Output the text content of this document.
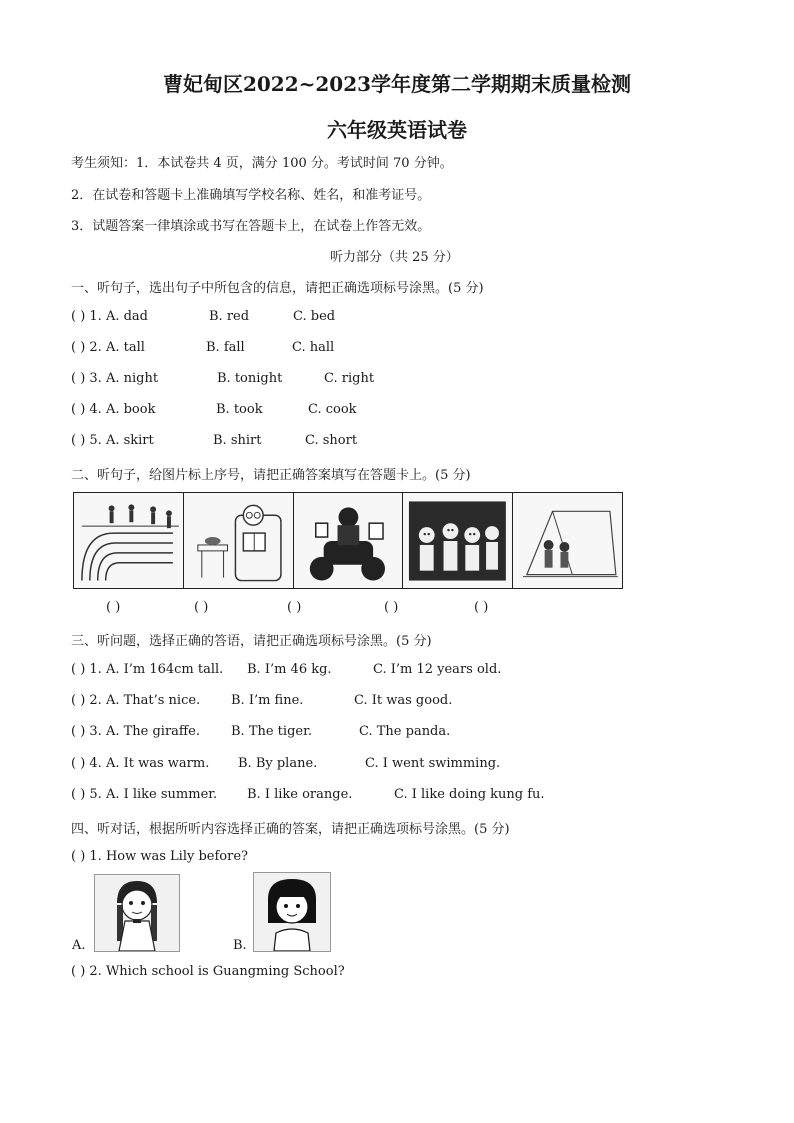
曹妃甸区2022~2023学年度第二学期期末质量检测
六年级英语试卷
考生须知：1．本试卷共 4 页，满分 100 分。考试时间 70 分钟。
2．在试卷和答题卡上准确填写学校名称、姓名，和准考证号。
3．试题答案一律填涂或书写在答题卡上，在试卷上作答无效。
听力部分（共 25 分）
一、听句子，选出句子中所包含的信息，请把正确选项标号涂黑。(5 分)
( ) 1. A. dad	B. red	C. bed
( ) 2. A. tall	B. fall	C. hall
( ) 3. A. night	B. tonight	C. right
( ) 4. A. book	B. took	C. cook
( ) 5. A. skirt	B. shirt	C. short
二、听句子，给图片标上序号，请把正确答案填写在答题卡上。(5 分)
( )	( )	( )	( )	( )
三、听问题，选择正确的答语，请把正确选项标号涂黑。(5 分)
( ) 1. A. I’m 164cm tall. B. I’m 46 kg.	C. I’m 12 years old.
( ) 2. A. That’s nice. B. I’m fine.	C. It was good.
( ) 3. A. The giraffe. B. The tiger.	C. The panda.
( ) 4. A. It was warm. B. By plane.	C. I went swimming.
( ) 5. A. I like summer. B. I like orange.	C. I like doing kung fu.
四、听对话，根据所听内容选择正确的答案，请把正确选项标号涂黑。(5 分)
( ) 1. How was Lily before?
A.	B.
( ) 2. Which school is Guangming School?
